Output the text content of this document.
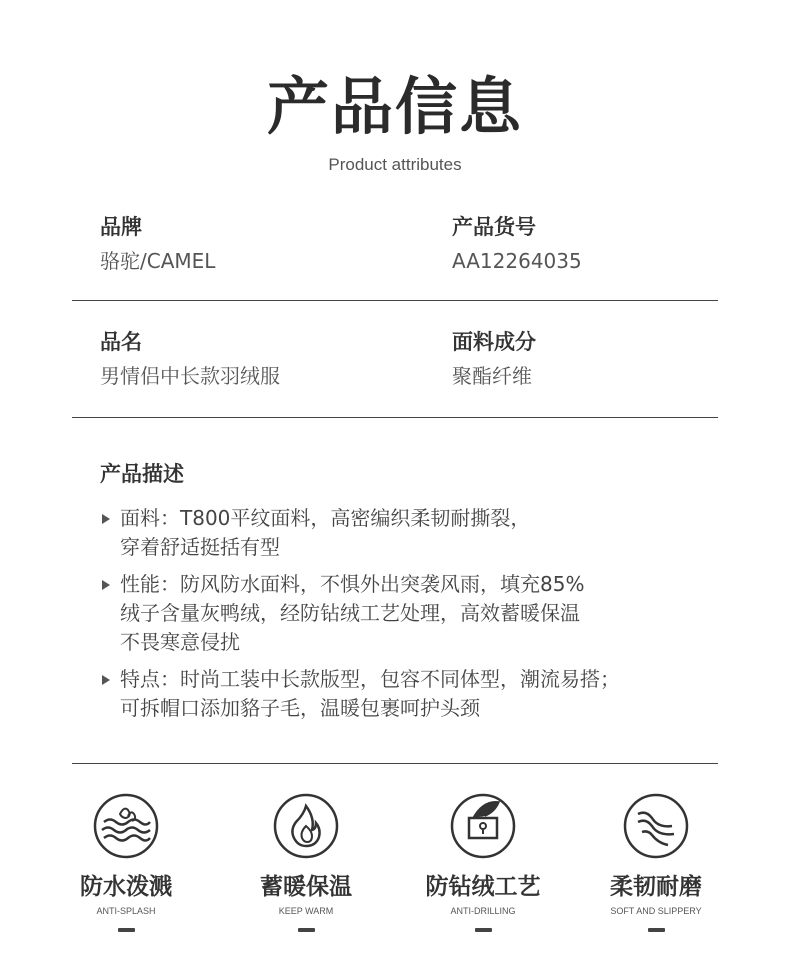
产品信息
Product attributes
品牌
骆驼/CAMEL
产品货号
AA12264035
品名
男情侣中长款羽绒服
面料成分
聚酯纤维
产品描述
面料：T800平纹面料，高密编织柔韧耐撕裂，
穿着舒适挺括有型
性能：防风防水面料，不惧外出突袭风雨，填充85%
绒子含量灰鸭绒，经防钻绒工艺处理，高效蓄暖保温
不畏寒意侵扰
特点：时尚工装中长款版型，包容不同体型，潮流易搭；
可拆帽口添加貉子毛，温暖包裹呵护头颈
防水泼溅
ANTI-SPLASH
蓄暖保温
KEEP WARM
防钻绒工艺
ANTI-DRILLING
柔韧耐磨
SOFT AND SLIPPERY
